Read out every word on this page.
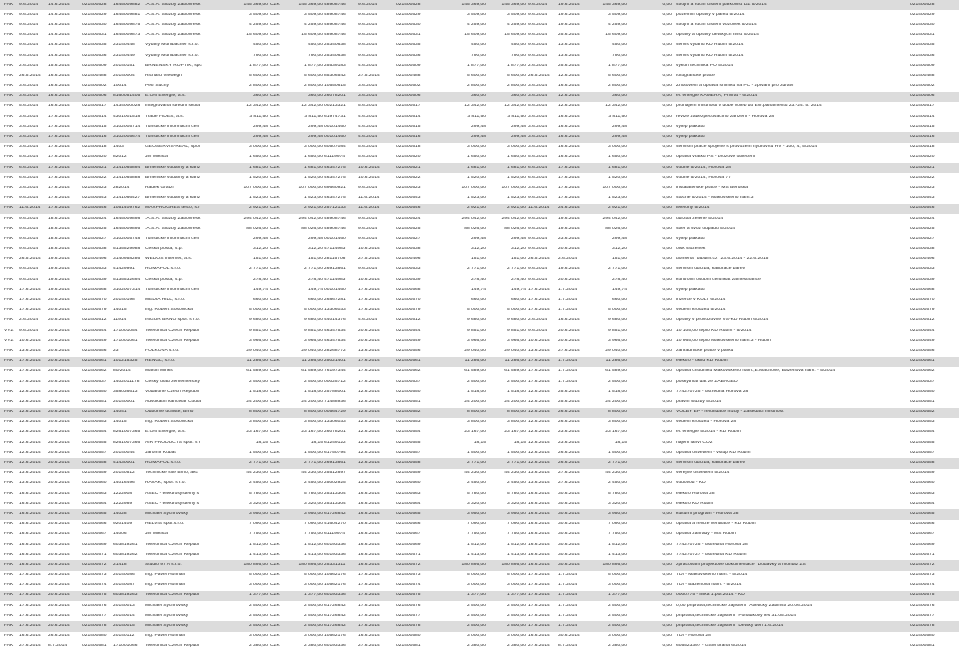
FAK	9.6.2014	14.6.2014	021400528	1645009882 .A.S.A. Služby Žabovřesk	145 369,00 CZK	145 369,00 48908746	9.6.2014	021400528	145 369,00	145 369,00 9.6.2014	19.6.2014	145 369,00	0,00 strojní a ruční čištění parkovišť DZ 5/2014	021400528
FAK	9.6.2014	14.6.2014	021400529	1645009881 .A.S.A. Služby Žabovřesk	3 509,00 CZK	3 509,00 48908746	9.6.2014	021400529	3 509,00	3 509,00 9.6.2014	19.6.2014	3 509,00	0,00 pozemní úpravy v parku 5/2014	021400529
FAK	9.6.2014	14.6.2014	021400530	1645009875 .A.S.A. Služby Žabovřesk	4 259,00 CZK	4 259,00 48908746	9.6.2014	021400530	4 259,00	4 259,00 9.6.2014	19.6.2014	4 259,00	0,00 strojní a ruční čištění vozovek 5/2014	021400530
FAK	9.6.2014	14.6.2014	021400531	1645009873 .A.S.A. Služby Žabovřesk	15 609,00 CZK	15 609,00 48908746	9.6.2014	021400531	15 609,00	15 609,00 9.6.2014	25.6.2014	15 609,00	0,00 opravy a úpravy dětských hřišť 5/2014	021400531
FAK	9.6.2014	14.6.2014	021400535	23140448	Výtahy Mühlbacher s.r.o.	450,00 CZK	450,00 25340638	9.6.2014	021400535	450,00	450,00 9.6.2014	13.6.2014	450,00	0,00 servis výtahu KD Rubín 5/2014	021400535
FAK	9.6.2014	14.6.2014	021400536	23140449	Výtahy Mühlbacher s.r.o.	790,00 CZK	790,00 25340638	9.6.2014	021400536	790,00	790,00 9.6.2014	13.6.2014	790,00	0,00 servis výtahu KD Rubín 5/2014	021400536
FAK	2.6.2014	15.6.2014	021400509	20140151	BRNĚNSKÝ ROPTIK, spc	1 877,00 CZK	1 877,00 25539183	4.6.2014	021400509	1 877,00	1 877,00 2.6.2014	25.6.2014	1 877,00	0,00 výkon technika PO 5/2014	021400509
FAK	26.5.2014	16.6.2014	021400488	20140004	Richard Viewegh	5 600,00 CZK	5 600,00 85306542	27.5.2014	021400488	5 600,00	5 600,00 26.5.2014	12.6.2014	5 600,00	0,00 fotografické práce	021400488
FAK	3.6.2014	16.6.2014	021400502	10014	Petr Suchý	2 800,00 CZK	2 800,00 10550615	3.6.2014	021400502	2 800,00	2 800,00 3.6.2014	16.6.2014	2 800,00	0,00 Zhotovení a úprava snímků na PC - zpívání pro zdraví	021400502
FAK	3.6.2014	16.6.2014	021400506	8160051405 E.ON Energie, a.s.	360,00 CZK	360,00 26078201	3.6.2014	021400506	360,00	360,00 3.6.2014	12.6.2014	360,00	0,00 el. energie KAMERA, Přívrat - 6/2014	021400506
FAK	5.6.2014	16.6.2014	021400517	1434000028 Integrovaná střední škola	12 342,00 CZK	12 342,00 00213321	5.6.2014	021400517	12 342,00	12 342,00 5.6.2014	12.6.2014	12 342,00	0,00 pronájem místnosti v době voleb do Evr.parlamentu 23.-24. 5. 2014	021400517
FAK	3.6.2014	17.6.2014	021400514	4301001518 Trade FIDES, a.s.	3 811,50 CZK	3 811,50 61974731	4.6.2014	021400514	3 811,50	3 811,50 3.6.2014	16.6.2014	3 811,50	0,00 revize zabezpečovacího zařízení - Horova 28	021400514
FAK	3.6.2014	17.6.2014	021400515	3102005714 Turistické informační cen	299,48 CZK	299,48 00101460	4.6.2014	021400515	299,48	299,48 3.6.2014	16.6.2014	299,48	0,00 výlep plakátů	021400515
FAK	3.6.2014	17.6.2014	021400516	3102005674 Turistické informační cen	299,48 CZK	299,48 00101460	4.6.2014	021400516	299,48	299,48 3.6.2014	16.6.2014	299,48	0,00 výlep plakátů	021400516
FAK	3.6.2014	17.6.2014	021400518	1403	GEOSERVIS-REAL, spol	3 000,00 CZK	3 000,00 60507084	5.6.2014	021400518	3 000,00	3 000,00 3.6.2014	16.6.2014	3 000,00	0,00 servisní práce spojené s provozem hydrovrtu HV - 100, 4, 5/2014	021400518
FAK	5.6.2014	17.6.2014	021400520	82012	Jiří Miklica	1 650,00 CZK	1 650,00 61119974	5.6.2014	021400520	1 650,00	1 650,00 5.6.2014	16.6.2014	1 650,00	0,00 oprava vrátku PS - brožové oblečení	021400520
FAK	6.6.2014	17.6.2014	021400521	2141065894 Brněnské vodárny a kanz	1 681,00 CZK	1 681,00 46347275	10.6.2014	021400521	1 681,00	1 681,00 6.6.2014	17.6.2014	1 681,00	0,00 vodné 5/2014, Horova 28	021400521
FAK	6.6.2014	17.6.2014	021400522	2141065888 Brněnské vodárny a kanz	1 520,00 CZK	1 520,00 46347275	10.6.2014	021400522	1 520,00	1 520,00 6.6.2014	17.6.2014	1 520,00	0,00 vodné 5/2014, Horova 77	021400522
FAK	3.6.2014	17.6.2014	021400523	282014	Radek Gratzl	107 000,00 CZK	107 000,00 69660921	9.6.2014	021400523	107 000,00	107 000,00 3.6.2014	17.6.2014	107 000,00	0,00 instalatérské práce - MŠ Berušká	021400523
FAK	9.6.2014	17.6.2014	021400543	2141066427 Brněnské vodárny a kanz	1 523,00 CZK	1 523,00 46347275	11.6.2014	021400543	1 523,00	1 523,00 9.6.2014	17.6.2014	1 523,00	0,00 stočné 5/2014 - Makovského nám.3	021400543
FAK	11.6.2014	17.6.2014	021400546	1051409762 MAXPROGRES telco, s.r	2 921,00 CZK	2 921,00 25712133	11.6.2014	021400546	2 921,00	2 921,00 11.6.2014	24.6.2014	2 921,00	0,00 telefony 5/2014	021400546
FAK	9.6.2014	18.6.2014	021400524	1645009898 .A.S.A. Služby Žabovřesk	294 042,00 CZK	294 042,00 48908746	9.6.2014	021400524	294 042,00	294 042,00 9.6.2014	19.6.2014	294 042,00	0,00 údržba zeleně 5/2014	021400524
FAK	9.6.2014	18.6.2014	021400525	1645009895 .A.S.A. Služby Žabovřesk	88 026,00 CZK	88 026,00 48908746	9.6.2014	021400525	88 026,00	88 026,00 9.6.2014	19.6.2014	88 026,00	0,00 sběr a svoz odpadu 5/2014	021400525
FAK	9.6.2014	18.6.2014	021400527	3102005748 Turistické informační cen	299,48 CZK	299,48 00101460	9.6.2014	021400527	299,48	299,48 9.6.2014	23.6.2014	299,48	0,00 výlep plakátů	021400527
FAK	9.6.2014	18.6.2014	021400538	5135529988 Česká pošta, s.p.	312,20 CZK	312,20 47114983	10.6.2014	021400538	312,20	312,20 9.6.2014	20.6.2014	312,20	0,00 olsk složenek	021400538
FAK	26.5.2014	19.6.2014	021400496	3140958286 WEDOS Internet, a.s.	151,00 CZK	151,00 28115708	27.5.2014	021400496	151,00	151,00 26.5.2014	2.6.2014	151,00	0,00 doména "tabulin.cz" 23.6.2014 - 22.6.2015	021400496
FAK	9.6.2014	19.6.2014	021400533	41429991	ROMAPOL s.r.o.	2 771,00 CZK	2 771,00 26913861	9.6.2014	021400533	2 771,00	2 771,00 9.6.2014	19.6.2014	2 771,00	0,00 servisní údržba, kalibrace barev	021400533
FAK	9.6.2014	19.6.2014	021400539	5135532694 Česká pošta, s.p.	278,40 CZK	278,40 47114983	10.6.2014	021400539	278,40	278,40 9.6.2014	20.6.2014	278,40	0,00 kontrolní osobní certifikát zaměstnance	021400539
FAK	17.6.2014	19.6.2014	021400568	3102007314 Turistické informační cen	149,74 CZK	149,74 00101460	17.6.2014	021400568	149,74	149,74 17.6.2014	1.7.2014	149,74	0,00 výlep plakátů	021400568
FAK	17.6.2014	20.6.2014	021400570	20140198	MEDIA HILL, s.r.o.	660,00 CZK	660,00 26867281	17.6.2014	021400570	660,00	660,00 17.6.2014	1.7.2014	660,00	0,00 inzerce v KULT 6/2014	021400570
FAK	17.6.2014	20.6.2014	021400579	14015	Ing. Róbert Šošovička	5 000,00 CZK	5 000,00 13306033	17.6.2014	021400579	5 000,00	5 000,00 17.6.2014	1.7.2014	5 000,00	0,00 vedení kroužku 5/2014	021400579
FAK	2.6.2014	20.6.2014	021400512	11914	INGUR BRNO spol. s r.o.	9 680,00 CZK	9 680,00 44014376	4.6.2014	021400512	9 680,00	9 680,00 2.6.2014	16.6.2014	9 680,00	0,00 opravy v provozovně VS-KD Rubín 6/2014	021400512
VYZ	9.6.2014	20.6.2014	021400544	171001054	Telefónica Czech Republ	9 851,00 CZK	9 851,00 46347534	20.6.2014	021400544	9 851,00	9 851,00 9.6.2014	20.6.2014	9 851,00	0,00 10 105,00 tepló KD Rubín - 5/2014	021400544
VYZ	10.6.2014	20.6.2014	021400549	171001061	Telefónica Czech Republ	3 966,00 CZK	3 966,00 46347534	20.6.2014	021400549	3 966,00	3 966,00 10.6.2014	20.6.2014	3 966,00	0,00 10 965,00 tepló Makovského nám.3 - Rubín	021400549
FAK	13.6.2014	20.6.2014	021400556	23	FOLKOVA s.r.o.	29 040,00 CZK	29 040,00 28268772	13.6.2014	021400556	29 040,00	29 040,00 13.6.2014	27.6.2014	29 040,00	0,00 zahradnické práce v parku	021400556
FAK	17.6.2014	20.6.2014	021400561	101215325	RENGL, s.r.o.	11 286,00 CZK	11 286,00 25021401	17.6.2014	021400561	11 286,00	11 286,00 17.6.2014	1.7.2014	11 286,00	0,00 elektro - úklid KD Rubín	021400561
FAK	17.6.2014	20.6.2014	021400562	80/2014	Martin Minks	61 589,00 CZK	61 589,00 76197344	17.6.2014	021400562	61 589,00	61 589,00 17.6.2014	1.7.2014	61 589,00	0,00 oprava chodníků Makovského nám.,E.Machové, Bazénová nám. - 5/2014	021400562
FAK	17.6.2014	20.6.2014	021400537	1402011178	Český úřad zeměměřický	2 500,00 CZK	2 500,00 00025712	17.6.2014	021400537	2 500,00	2 500,00 17.6.2014	1.7.2014	2 500,00	0,00 poskytnutí dat ze ZABAGED	021400537
FAK	12.6.2014	20.6.2014	021400550	358036613	Vodafone Czech Republi	1 518,00 CZK	1 518,00 25788001	12.6.2014	021400550	1 518,00	1 518,00 12.6.2014	25.6.2014	1 518,00	0,00 774270725 - úsťředna Horova 28	021400550
FAK	12.6.2014	20.6.2014	021400551	20140001	Advokátní kancelář Coufa	24 200,00 CZK	24 200,00 71488936	12.6.2014	021400551	24 200,00	24 200,00 12.6.2014	25.6.2014	24 200,00	0,00 právní služby 5/2014	021400551
FAK	12.6.2014	20.6.2014	021400552	14041	Odborné učiliště, Brno	8 800,00 CZK	8 800,00 00564729	12.6.2014	021400552	8 800,00	8 800,00 12.6.2014	26.6.2014	8 800,00	0,00 VOLBY EP - refundace mzdy - Zasedací místnost	021400552
FAK	12.6.2014	20.6.2014	021400553	14015	Ing. Róbert Šošovička	3 800,00 CZK	3 800,00 13306033	12.6.2014	021400553	3 800,00	3 800,00 12.6.2014	26.6.2014	3 800,00	0,00 vedení kroužku - Horova 28	021400553
FAK	12.6.2014	20.6.2014	021400554	8261007365 E.ON Energie, a.s.	23 167,00 CZK	23 167,00 26078201	12.6.2014	021400554	23 167,00	23 167,00 12.6.2014	23.6.2014	23 167,00	0,00 el. energie 5/2014 - KD Rubín	021400554
FAK	12.6.2014	20.6.2014	021400555	8261007366 AIR PRODUCTS spol. s r	18,15 CZK	18,15 61249122	12.6.2014	021400555	18,15	18,15 12.6.2014	23.6.2014	18,15	0,00 nájem lahví CO2	021400555
FAK	12.6.2014	20.6.2014	021400557	20140044	Jaromír Kubát	1 500,00 CZK	1 500,00 61750794	12.6.2014	021400557	1 500,00	1 500,00 12.6.2014	26.6.2014	1 500,00	0,00 oprava osvětlení - vstup KD Rubín	021400557
FAK	12.6.2014	20.6.2014	021400558	41430001	ROMAPOL s.r.o.	2 771,00 CZK	2 771,00 26913861	12.6.2014	021400558	2 771,00	2 771,00 12.6.2014	26.6.2014	2 771,00	0,00 servisní údržba, kalibrace barev	021400558
FAK	13.6.2014	20.6.2014	021400559	20140512	Technické sítě Brno, akc	44 230,00 CZK	44 230,00 25512897	13.6.2014	021400559	44 230,00	44 230,00 13.6.2014	27.6.2014	44 230,00	0,00 veřejné osvětlení 5/2014	021400559
FAK	13.6.2014	20.6.2014	021400560	14016496	RAVAK, spol. s r.o.	2 450,00 CZK	2 450,00 25002925	13.6.2014	021400560	2 450,00	2 450,00 13.6.2014	27.6.2014	2 450,00	0,00 vodovod - KD	021400560
FAK	16.6.2014	20.6.2014	021400563	1222908	ASEC - elektrosystémy s	5 780,00 CZK	5 780,00 25313304	16.6.2014	021400563	5 780,00	5 780,00 16.6.2014	30.6.2014	5 780,00	0,00 elektro Horova 28	021400563
FAK	16.6.2014	20.6.2014	021400564	1222989	ASEC - elektrosystémy s	3 320,00 CZK	3 320,00 25313304	16.6.2014	021400564	3 320,00	3 320,00 16.6.2014	30.6.2014	3 320,00	0,00 elektro KD Rubín	021400564
FAK	16.6.2014	20.6.2014	021400565	14028	Michael Sychrovský	3 950,00 CZK	3 950,00 61726842	16.6.2014	021400565	3 950,00	3 950,00 16.6.2014	30.6.2014	3 950,00	0,00 kulturní program - Horova 28	021400565
FAK	16.6.2014	20.6.2014	021400566	9201409	HELVIS spol.s.r.o.	7 090,00 CZK	7 090,00 41604270	16.6.2014	021400566	7 090,00	7 090,00 16.6.2014	30.6.2014	7 090,00	0,00 oprava a revize ventilace - KD Rubín	021400566
FAK	16.6.2014	20.6.2014	021400567	14006	Jiří Miklica	7 750,00 CZK	7 750,00 61119974	16.6.2014	021400567	7 750,00	7 750,00 16.6.2014	30.6.2014	7 750,00	0,00 oprava zahrady - MŠ Rubín	021400567
FAK	16.6.2014	20.6.2014	021400569	603819261	Telefónica Czech Republ	1 512,00 CZK	1 512,00 60193336	16.6.2014	021400569	1 512,00	1 512,00 16.6.2014	30.6.2014	1 512,00	0,00 774270725 - ústředna Horova 28	021400569
FAK	16.6.2014	20.6.2014	021400571	603819262	Telefónica Czech Republ	1 413,00 CZK	1 413,00 60193336	16.6.2014	021400571	1 413,00	1 413,00 16.6.2014	30.6.2014	1 413,00	0,00 774270727 - ústředna KD Rubín	021400571
FAK	16.6.2014	20.6.2014	021400572	21418	Studio 97 A s.r.o.	180 895,00 CZK	180 895,00 25331311	16.6.2014	021400572	180 895,00	180 895,00 16.6.2014	30.6.2014	180 895,00	0,00 zpracování projektové dokumentace "Dodávky a montáž ZS	021400572
FAK	17.6.2014	20.6.2014	021400573	20140086	Ing. Pavel Hofman	5 000,00 CZK	5 000,00 10562176	17.6.2014	021400573	5 000,00	5 000,00 17.6.2014	1.7.2014	5 000,00	0,00 TDI - Makovského nám. - 5/2014	021400573
FAK	17.6.2014	20.6.2014	021400574	20140087	Ing. Pavel Hofman	3 000,00 CZK	3 000,00 10562176	17.6.2014	021400574	3 000,00	3 000,00 17.6.2014	1.7.2014	3 000,00	0,00 TDI - Bazénová nám. - 5/2014	021400574
FAK	17.6.2014	20.6.2014	021400575	603819263	Telefónica Czech Republ	1 377,00 CZK	1 377,00 60193336	17.6.2014	021400575	1 377,00	1 377,00 17.6.2014	1.7.2014	1 377,00	0,00 0000775 - linka 1.pol.2014 - KD	021400575
FAK	17.6.2014	20.6.2014	021400576	20140013	Michael Sychrovský	2 500,00 CZK	2 500,00 61726842	17.6.2014	021400576	2 500,00	2 500,00 17.6.2014	1.7.2014	2 500,00	0,00 0,00 příprava,technické zajištění "Atletický Žabinští 20.06.2014"	021400576
FAK	17.6.2014	20.6.2014	021400577	20140014	Michael Sychrovský	2 500,00 CZK	2 500,00 61726842	17.6.2014	021400577	2 500,00	2 500,00 17.6.2014	1.7.2014	2 500,00	0,00 příprava,technické zajištění "Pohádkový les 31.05.2014"	021400577
FAK	17.6.2014	20.6.2014	021400578	20140015	Michael Sychrovský	2 500,00 CZK	2 500,00 61726842	17.6.2014	021400578	2 500,00	2 500,00 17.6.2014	1.7.2014	2 500,00	0,00 příprava,technické zajištění "Dětský den 1.6.2014"	021400578
FAK	16.6.2014	26.6.2014	021400580	20140112	Ing. Pavel Hofman	3 000,00 CZK	3 000,00 10562176	16.6.2014	021400580	3 000,00	3 000,00 16.6.2014	30.6.2014	3 000,00	0,00 TDI - Horova 28	021400580
FAK	27.6.2014	8.7.2014	021400581	171001066	Telefónica Czech Republ	2 380,00 CZK	2 380,00 60193336	27.6.2014	021400581	2 380,00	2 380,00 27.6.2014	8.7.2014	2 380,00	0,00 605523397 - GSM brána 6/2014	021400581
